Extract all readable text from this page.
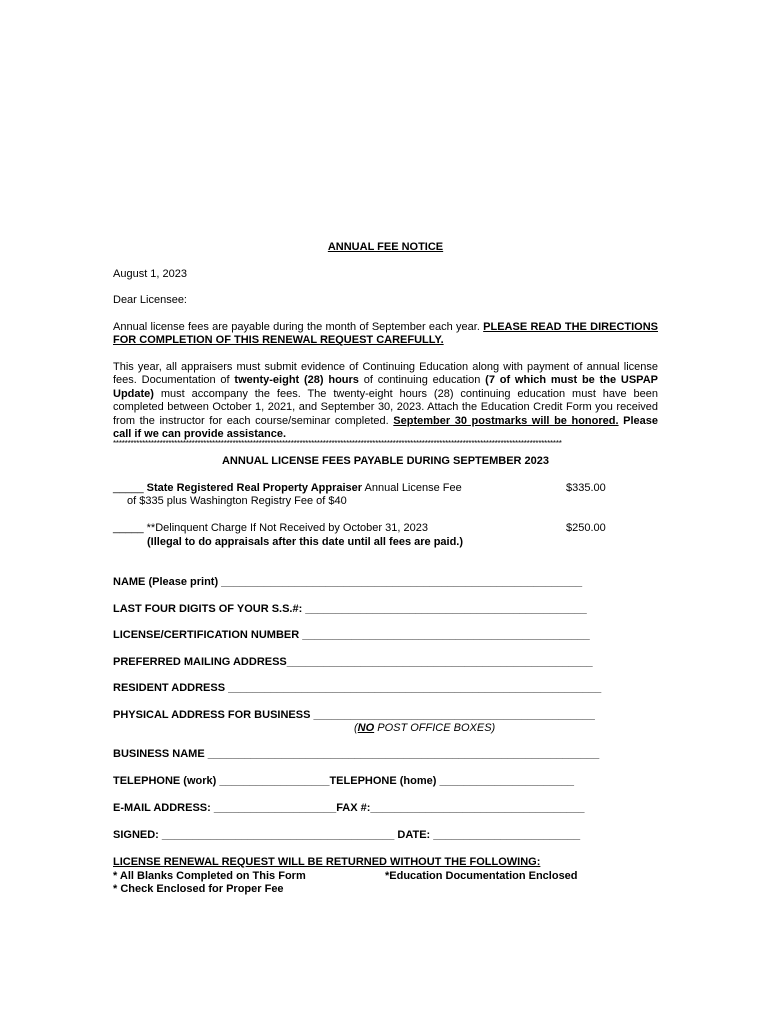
ANNUAL FEE NOTICE
August 1, 2023
Dear Licensee:
Annual license fees are payable during the month of September each year. PLEASE READ THE DIRECTIONS FOR COMPLETION OF THIS RENEWAL REQUEST CAREFULLY.
This year, all appraisers must submit evidence of Continuing Education along with payment of annual license fees. Documentation of twenty-eight (28) hours of continuing education (7 of which must be the USPAP Update) must accompany the fees. The twenty-eight hours (28) continuing education must have been completed between October 1, 2021, and September 30, 2023. Attach the Education Credit Form you received from the instructor for each course/seminar completed. September 30 postmarks will be honored. Please call if we can provide assistance.
**********************************************************************************************************************************************************
ANNUAL LICENSE FEES PAYABLE DURING SEPTEMBER 2023
_____ State Registered Real Property Appraiser Annual License Fee
of $335 plus Washington Registry Fee of $40
$335.00
_____ **Delinquent Charge If Not Received by October 31, 2023
(Illegal to do appraisals after this date until all fees are paid.)
$250.00
NAME (Please print) ___________________________________________________________
LAST FOUR DIGITS OF YOUR S.S.#: ______________________________________________
LICENSE/CERTIFICATION NUMBER _______________________________________________
PREFERRED MAILING ADDRESS__________________________________________________
RESIDENT ADDRESS _____________________________________________________________
PHYSICAL ADDRESS FOR BUSINESS ______________________________________________
(NO POST OFFICE BOXES)
BUSINESS NAME ________________________________________________________________
TELEPHONE (work) __________________TELEPHONE (home) ______________________
E-MAIL ADDRESS: ____________________FAX #:___________________________________
SIGNED: ______________________________________ DATE: ________________________
LICENSE RENEWAL REQUEST WILL BE RETURNED WITHOUT THE FOLLOWING:
* All Blanks Completed on This Form	*Education Documentation Enclosed
* Check Enclosed for Proper Fee
